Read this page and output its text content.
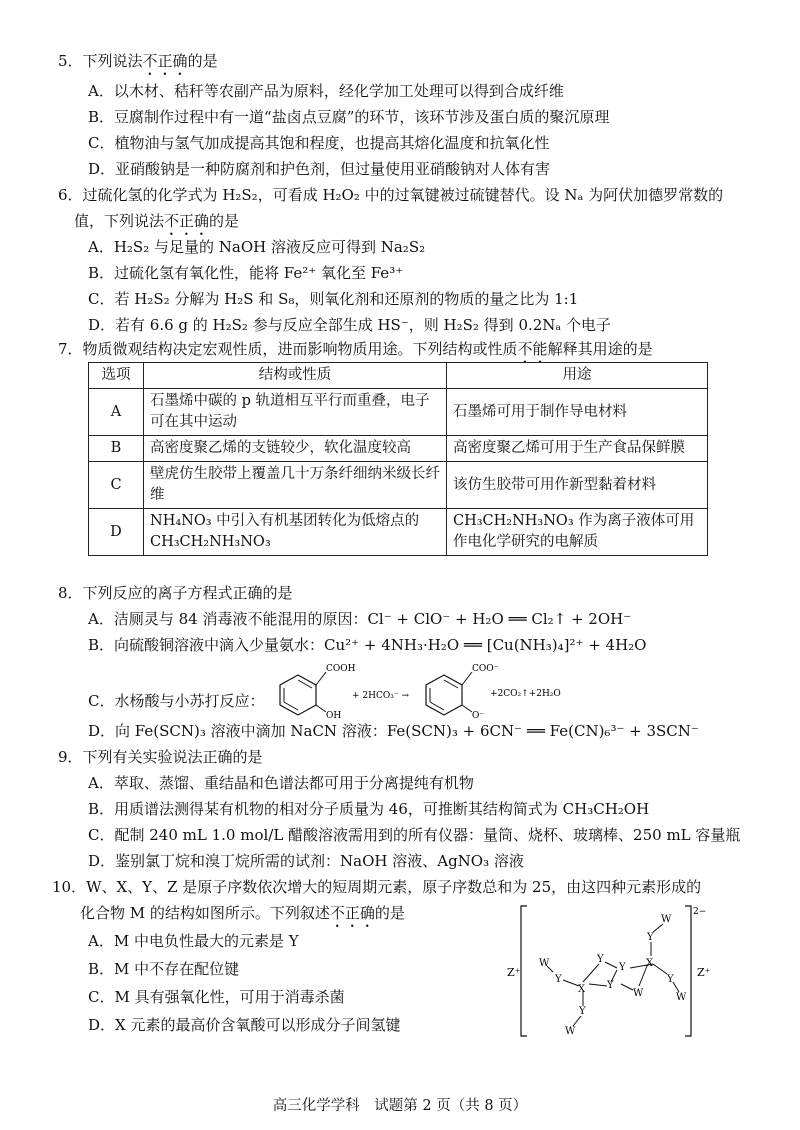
5．下列说法不正确的是
A．以木材、秸秆等农副产品为原料，经化学加工处理可以得到合成纤维
B．豆腐制作过程中有一道“盐卤点豆腐”的环节，该环节涉及蛋白质的聚沉原理
C．植物油与氢气加成提高其饱和程度，也提高其熔化温度和抗氧化性
D．亚硝酸钠是一种防腐剂和护色剂，但过量使用亚硝酸钠对人体有害
6．过硫化氢的化学式为 H₂S₂，可看成 H₂O₂ 中的过氧键被过硫键替代。设 Nₐ 为阿伏加德罗常数的
值，下列说法不正确的是
A．H₂S₂ 与足量的 NaOH 溶液反应可得到 Na₂S₂
B．过硫化氢有氧化性，能将 Fe²⁺ 氧化至 Fe³⁺
C．若 H₂S₂ 分解为 H₂S 和 S₈，则氧化剂和还原剂的物质的量之比为 1:1
D．若有 6.6 g 的 H₂S₂ 参与反应全部生成 HS⁻，则 H₂S₂ 得到 0.2Nₐ 个电子
7．物质微观结构决定宏观性质，进而影响物质用途。下列结构或性质不能解释其用途的是
选项	结构或性质	用途
A	石墨烯中碳的 p 轨道相互平行而重叠，电子可在其中运动	石墨烯可用于制作导电材料
B	高密度聚乙烯的支链较少，软化温度较高	高密度聚乙烯可用于生产食品保鲜膜
C	壁虎仿生胶带上覆盖几十万条纤细纳米级长纤维	该仿生胶带可用作新型黏着材料
D	NH₄NO₃ 中引入有机基团转化为低熔点的 CH₃CH₂NH₃NO₃	CH₃CH₂NH₃NO₃ 作为离子液体可用作电化学研究的电解质
8．下列反应的离子方程式正确的是
A．洁厕灵与 84 消毒液不能混用的原因：Cl⁻ + ClO⁻ + H₂O ══ Cl₂↑ + 2OH⁻
B．向硫酸铜溶液中滴入少量氨水：Cu²⁺ + 4NH₃·H₂O ══ [Cu(NH₃)₄]²⁺ + 4H₂O
C．水杨酸与小苏打反应：
COOH
OH
+ 2HCO₃⁻ →
COO⁻
O⁻
+2CO₂↑+2H₂O
D．向 Fe(SCN)₃ 溶液中滴加 NaCN 溶液：Fe(SCN)₃ + 6CN⁻ ══ Fe(CN)₆³⁻ + 3SCN⁻
9．下列有关实验说法正确的是
A．萃取、蒸馏、重结晶和色谱法都可用于分离提纯有机物
B．用质谱法测得某有机物的相对分子质量为 46，可推断其结构简式为 CH₃CH₂OH
C．配制 240 mL 1.0 mol/L 醋酸溶液需用到的所有仪器：量筒、烧杯、玻璃棒、250 mL 容量瓶
D．鉴别氯丁烷和溴丁烷所需的试剂：NaOH 溶液、AgNO₃ 溶液
10．W、X、Y、Z 是原子序数依次增大的短周期元素，原子序数总和为 25，由这四种元素形成的
化合物 M 的结构如图所示。下列叙述不正确的是
A．M 中电负性最大的元素是 Y
B．M 中不存在配位键
C．M 具有强氧化性，可用于消毒杀菌
D．X 元素的最高价含氧酸可以形成分子间氢键
2−
Z⁺	Z⁺
W
Y
X
Y
Y
W
Y
Y
W
X
Y
W
Y
W
高三化学学科　试题第 2 页（共 8 页）
